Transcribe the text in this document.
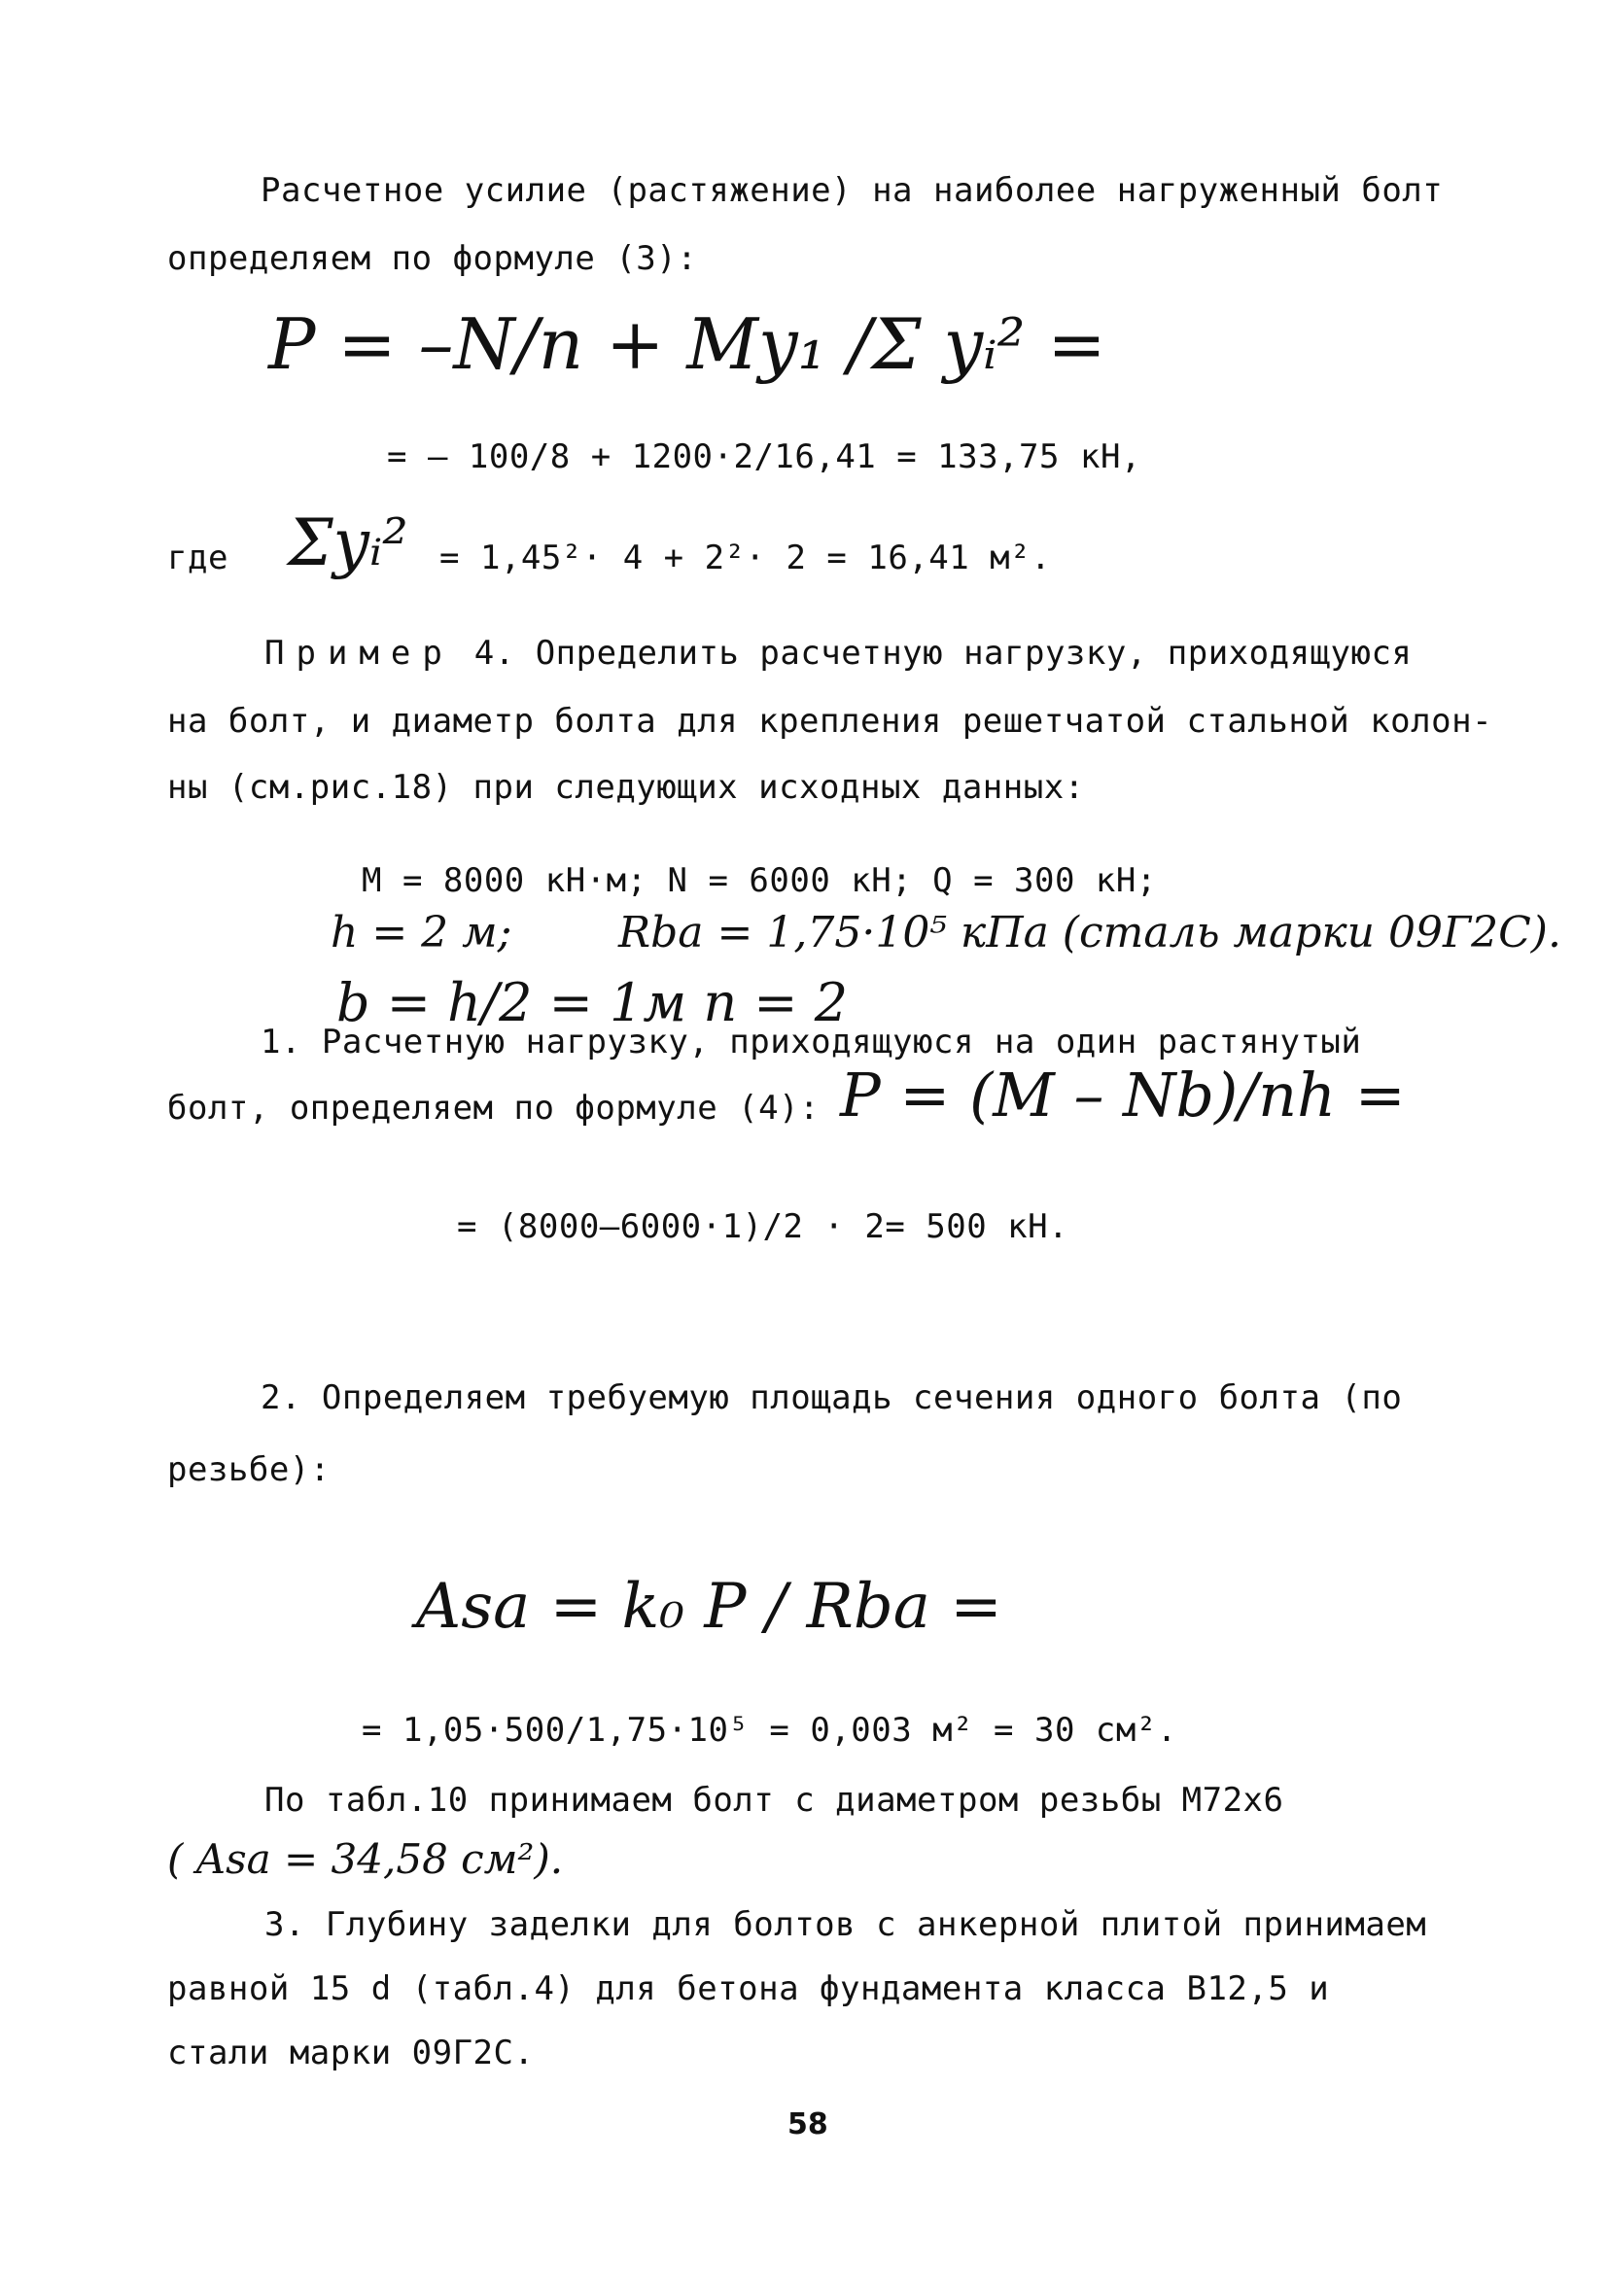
Расчетное усилие (растяжение) на наиболее нагруженный болт
определяем по формуле (3):
P = –N/n + My₁ /Σ yᵢ² =
= – 100/8 + 1200·2/16,41 = 133,75 кН,
где Σyᵢ² = 1,45²· 4 + 2²· 2 = 16,41 м².
Пример 4. Определить расчетную нагрузку, приходящуюся
на болт, и диаметр болта для крепления решетчатой стальной колон-
ны (см.рис.18) при следующих исходных данных:
М = 8000 кН·м; N = 6000 кН; Q = 300 кН;
h = 2 м; Rba = 1,75·10⁵ кПа (сталь марки 09Г2С).
b = h/2 = 1м n = 2
1. Расчетную нагрузку, приходящуюся на один растянутый
болт, определяем по формуле (4): P = (M – Nb)/nh =
= (8000–6000·1)/2 · 2= 500 кН.
2. Определяем требуемую площадь сечения одного болта (по
резьбе):
Asa = k₀ P / Rba =
= 1,05·500/1,75·10⁵ = 0,003 м² = 30 см².
По табл.10 принимаем болт с диаметром резьбы М72х6
( Asa = 34,58 см²).
3. Глубину заделки для болтов с анкерной плитой принимаем
равной 15 d (табл.4) для бетона фундамента класса В12,5 и
стали марки 09Г2С.
58
